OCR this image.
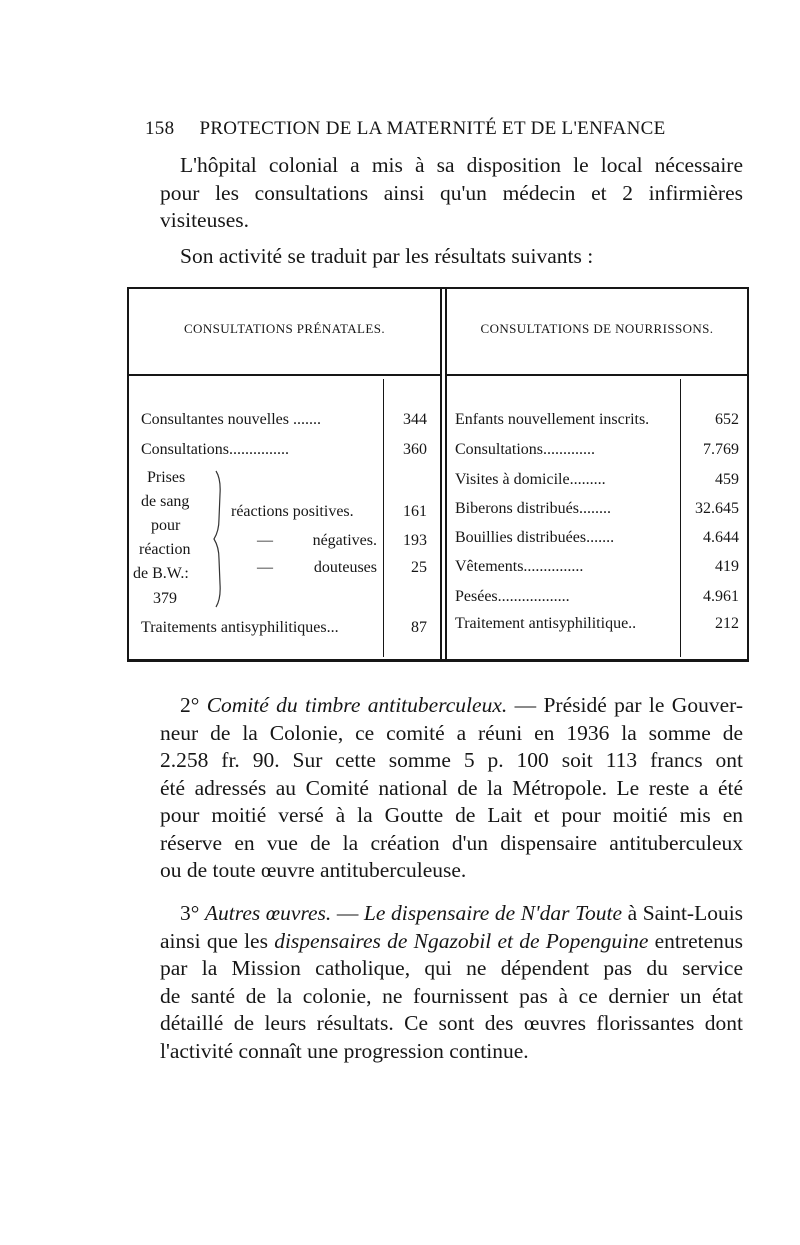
158 PROTECTION DE LA MATERNITÉ ET DE L'ENFANCE
L'hôpital colonial a mis à sa disposition le local nécessaire
pour les consultations ainsi qu'un médecin et 2 infirmières
visiteuses.
Son activité se traduit par les résultats suivants :
CONSULTATIONS PRÉNATALES.	CONSULTATIONS DE NOURRISSONS.
Consultantes nouvelles .......	344
Consultations...............	360
Prises
de sang
pour
réaction
de B.W.:
379
réactions positives.	161
— négatives.	193
— douteuses	25
Traitements antisyphilitiques...	87
Enfants nouvellement inscrits.	652
Consultations.............	7.769
Visites à domicile.........	459
Biberons distribués........	32.645
Bouillies distribuées.......	4.644
Vêtements...............	419
Pesées..................	4.961
Traitement antisyphilitique..	212
2° Comité du timbre antituberculeux. — Présidé par le Gouver-
neur de la Colonie, ce comité a réuni en 1936 la somme de
2.258 fr. 90. Sur cette somme 5 p. 100 soit 113 francs ont
été adressés au Comité national de la Métropole. Le reste a été
pour moitié versé à la Goutte de Lait et pour moitié mis en
réserve en vue de la création d'un dispensaire antituberculeux
ou de toute œuvre antituberculeuse.
3° Autres œuvres. — Le dispensaire de N'dar Toute à Saint-Louis
ainsi que les dispensaires de Ngazobil et de Popenguine entretenus
par la Mission catholique, qui ne dépendent pas du service
de santé de la colonie, ne fournissent pas à ce dernier un état
détaillé de leurs résultats. Ce sont des œuvres florissantes dont
l'activité connaît une progression continue.
